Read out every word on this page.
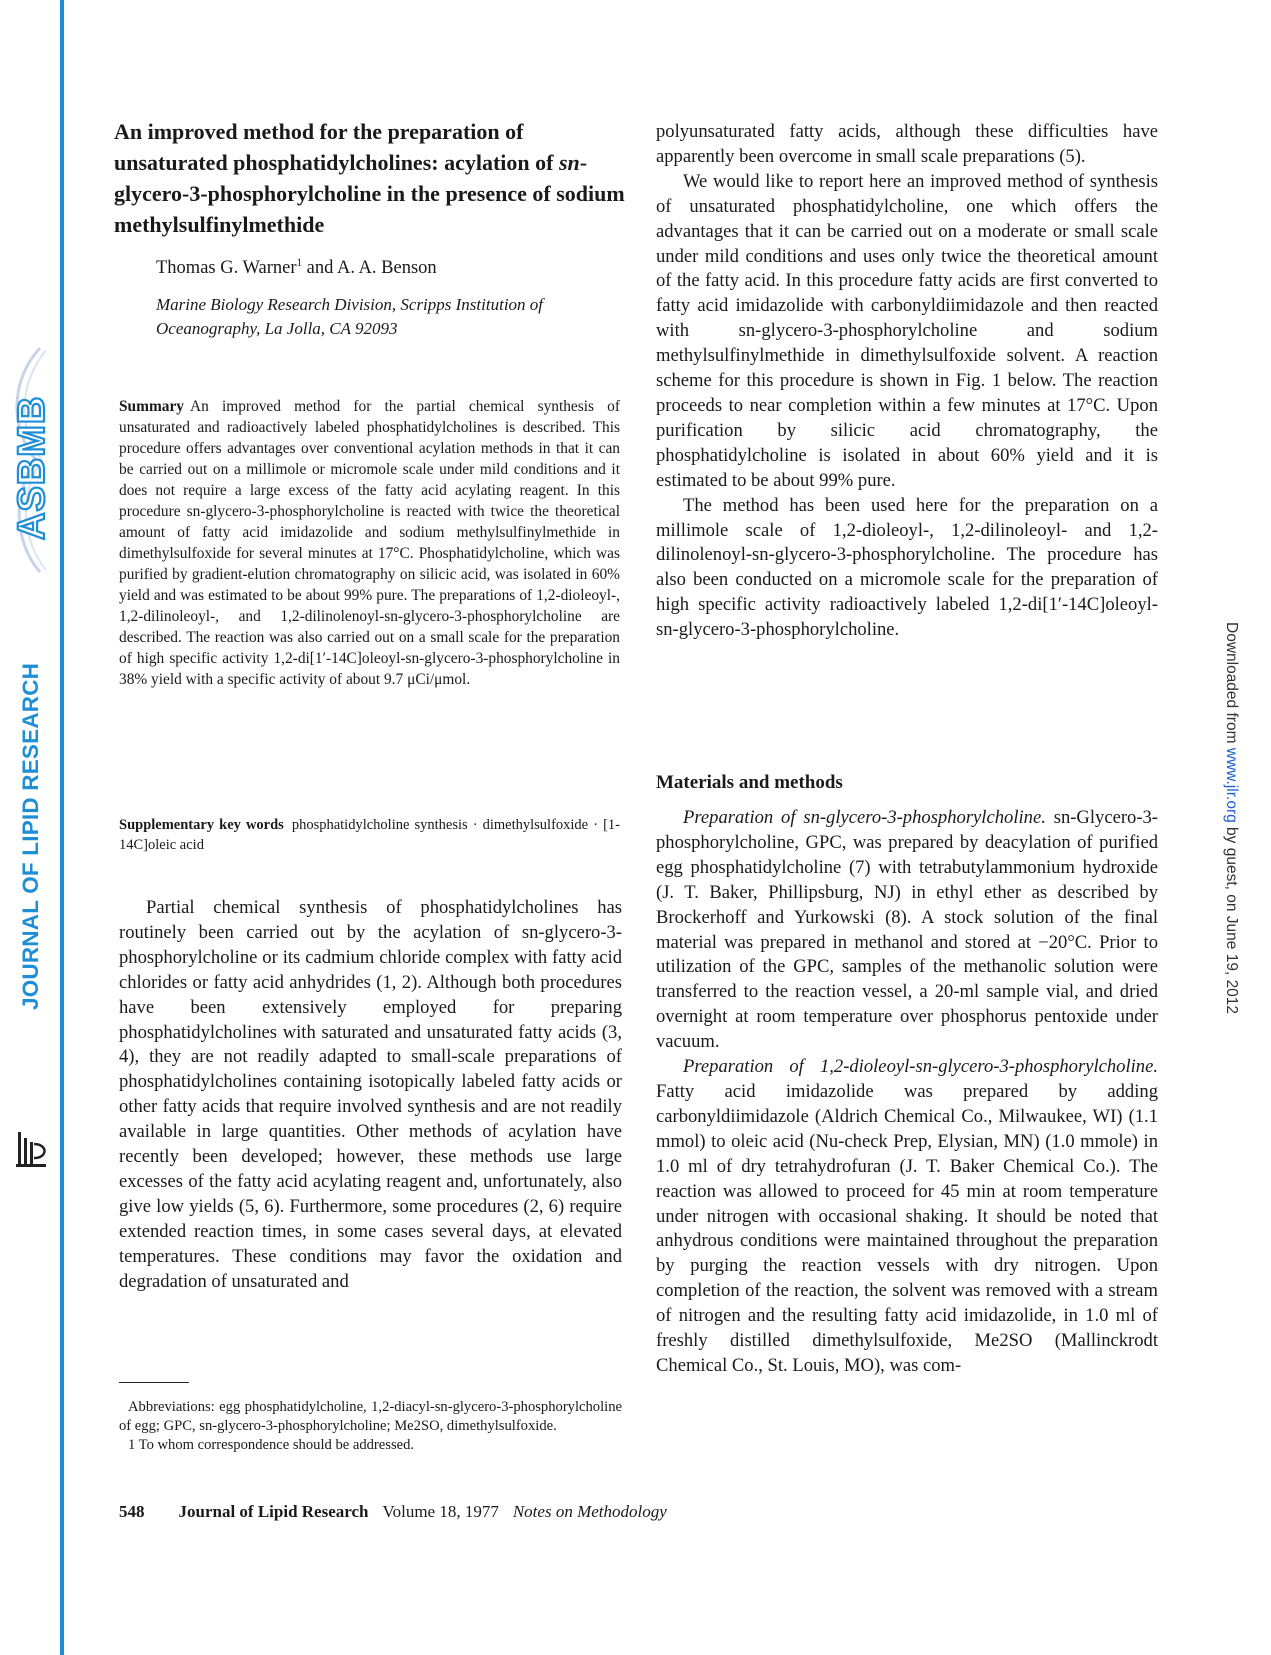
ASBMB
JOURNAL OF LIPID RESEARCH	Downloaded from www.jlr.org by guest, on June 19, 2012
An improved method for the preparation of unsaturated phosphatidylcholines: acylation of sn-glycero-3-phosphorylcholine in the presence of sodium methylsulfinylmethide
Thomas G. Warner$^1$ and A. A. Benson
Marine Biology Research Division, Scripps Institution of Oceanography, La Jolla, CA 92093
Summary An improved method for the partial chemical synthesis of unsaturated and radioactively labeled phosphatidylcholines is described. This procedure offers advantages over conventional acylation methods in that it can be carried out on a millimole or micromole scale under mild conditions and it does not require a large excess of the fatty acid acylating reagent. In this procedure sn-glycero-3-phosphorylcholine is reacted with twice the theoretical amount of fatty acid imidazolide and sodium methylsulfinylmethide in dimethylsulfoxide for several minutes at 17°C. Phosphatidylcholine, which was purified by gradient-elution chromatography on silicic acid, was isolated in 60% yield and was estimated to be about 99% pure. The preparations of 1,2-dioleoyl-, 1,2-dilinoleoyl-, and 1,2-dilinolenoyl-sn-glycero-3-phosphorylcholine are described. The reaction was also carried out on a small scale for the preparation of high specific activity 1,2-di[1′-14C]oleoyl-sn-glycero-3-phosphorylcholine in 38% yield with a specific activity of about 9.7 μCi/μmol.
Supplementary key words phosphatidylcholine synthesis · dimethylsulfoxide · [1-14C]oleic acid

Partial chemical synthesis of phosphatidylcholines has routinely been carried out by the acylation of sn-glycero-3-phosphorylcholine or its cadmium chloride complex with fatty acid chlorides or fatty acid anhydrides (1, 2). Although both procedures have been extensively employed for preparing phosphatidylcholines with saturated and unsaturated fatty acids (3, 4), they are not readily adapted to small-scale preparations of phosphatidylcholines containing isotopically labeled fatty acids or other fatty acids that require involved synthesis and are not readily available in large quantities. Other methods of acylation have recently been developed; however, these methods use large excesses of the fatty acid acylating reagent and, unfortunately, also give low yields (5, 6). Furthermore, some procedures (2, 6) require extended reaction times, in some cases several days, at elevated temperatures. These conditions may favor the oxidation and degradation of unsaturated and

Abbreviations: egg phosphatidylcholine, 1,2-diacyl-sn-glycero-3-phosphorylcholine of egg; GPC, sn-glycero-3-phosphorylcholine; Me2SO, dimethylsulfoxide.
1 To whom correspondence should be addressed.

polyunsaturated fatty acids, although these difficulties have apparently been overcome in small scale preparations (5).

We would like to report here an improved method of synthesis of unsaturated phosphatidylcholine, one which offers the advantages that it can be carried out on a moderate or small scale under mild conditions and uses only twice the theoretical amount of the fatty acid. In this procedure fatty acids are first converted to fatty acid imidazolide with carbonyldiimidazole and then reacted with sn-glycero-3-phosphorylcholine and sodium methylsulfinylmethide in dimethylsulfoxide solvent. A reaction scheme for this procedure is shown in Fig. 1 below. The reaction proceeds to near completion within a few minutes at 17°C. Upon purification by silicic acid chromatography, the phosphatidylcholine is isolated in about 60% yield and it is estimated to be about 99% pure.

The method has been used here for the preparation on a millimole scale of 1,2-dioleoyl-, 1,2-dilinoleoyl- and 1,2-dilinolenoyl-sn-glycero-3-phosphorylcholine. The procedure has also been conducted on a micromole scale for the preparation of high specific activity radioactively labeled 1,2-di[1′-14C]oleoyl-sn-glycero-3-phosphorylcholine.

Materials and methods

Preparation of sn-glycero-3-phosphorylcholine. sn-Glycero-3-phosphorylcholine, GPC, was prepared by deacylation of purified egg phosphatidylcholine (7) with tetrabutylammonium hydroxide (J. T. Baker, Phillipsburg, NJ) in ethyl ether as described by Brockerhoff and Yurkowski (8). A stock solution of the final material was prepared in methanol and stored at −20°C. Prior to utilization of the GPC, samples of the methanolic solution were transferred to the reaction vessel, a 20-ml sample vial, and dried overnight at room temperature over phosphorus pentoxide under vacuum.

Preparation of 1,2-dioleoyl-sn-glycero-3-phosphorylcholine. Fatty acid imidazolide was prepared by adding carbonyldiimidazole (Aldrich Chemical Co., Milwaukee, WI) (1.1 mmol) to oleic acid (Nu-check Prep, Elysian, MN) (1.0 mmole) in 1.0 ml of dry tetrahydrofuran (J. T. Baker Chemical Co.). The reaction was allowed to proceed for 45 min at room temperature under nitrogen with occasional shaking. It should be noted that anhydrous conditions were maintained throughout the preparation by purging the reaction vessels with dry nitrogen. Upon completion of the reaction, the solvent was removed with a stream of nitrogen and the resulting fatty acid imidazolide, in 1.0 ml of freshly distilled dimethylsulfoxide, Me2SO (Mallinckrodt Chemical Co., St. Louis, MO), was com-

548 Journal of Lipid Research Volume 18, 1977 Notes on Methodology
